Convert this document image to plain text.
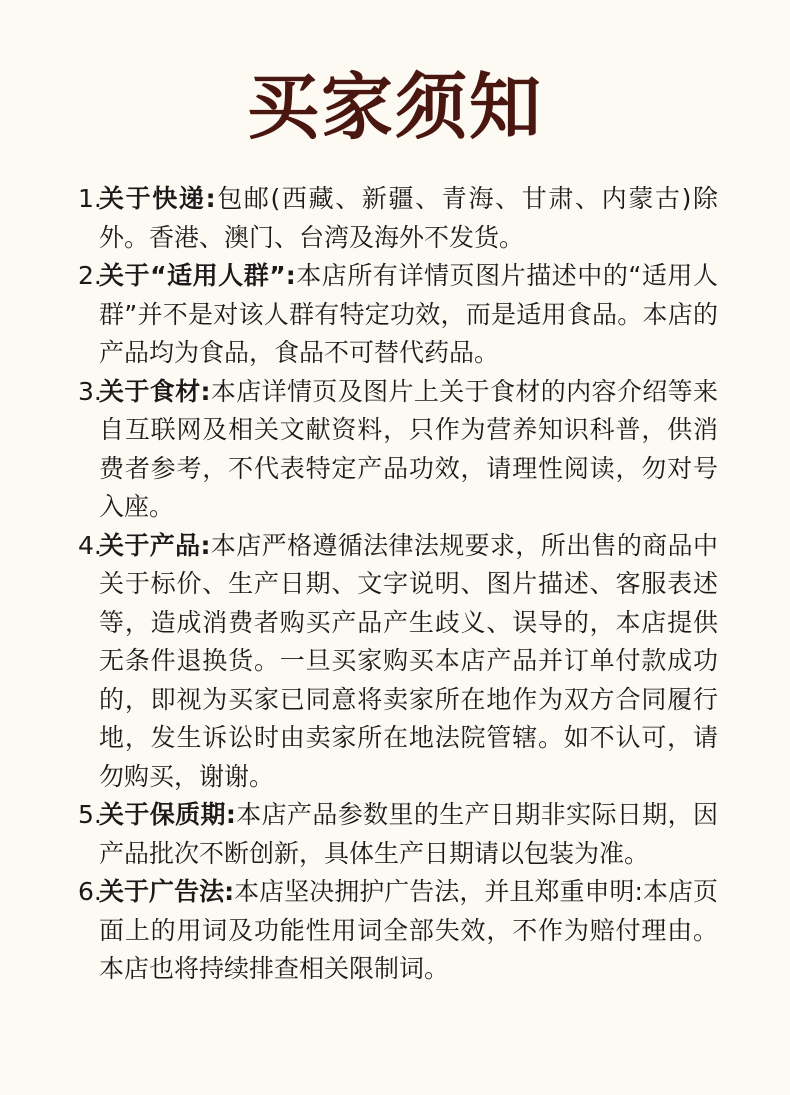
买家须知
1.
关于快递:包邮(西藏、新疆、青海、甘肃、内蒙古)除外。香港、澳门、台湾及海外不发货。
2.
关于“适用人群”:本店所有详情页图片描述中的“适用人群”并不是对该人群有特定功效，而是适用食品。本店的产品均为食品，食品不可替代药品。
3.
关于食材:本店详情页及图片上关于食材的内容介绍等来自互联网及相关文献资料，只作为营养知识科普，供消费者参考，不代表特定产品功效，请理性阅读，勿对号入座。
4.
关于产品:本店严格遵循法律法规要求，所出售的商品中关于标价、生产日期、文字说明、图片描述、客服表述等，造成消费者购买产品产生歧义、误导的，本店提供无条件退换货。一旦买家购买本店产品并订单付款成功的，即视为买家已同意将卖家所在地作为双方合同履行地，发生诉讼时由卖家所在地法院管辖。如不认可，请勿购买，谢谢。
5.
关于保质期:本店产品参数里的生产日期非实际日期，因产品批次不断创新，具体生产日期请以包装为准。
6.
关于广告法:本店坚决拥护广告法，并且郑重申明:本店页面上的用词及功能性用词全部失效，不作为赔付理由。本店也将持续排查相关限制词。
